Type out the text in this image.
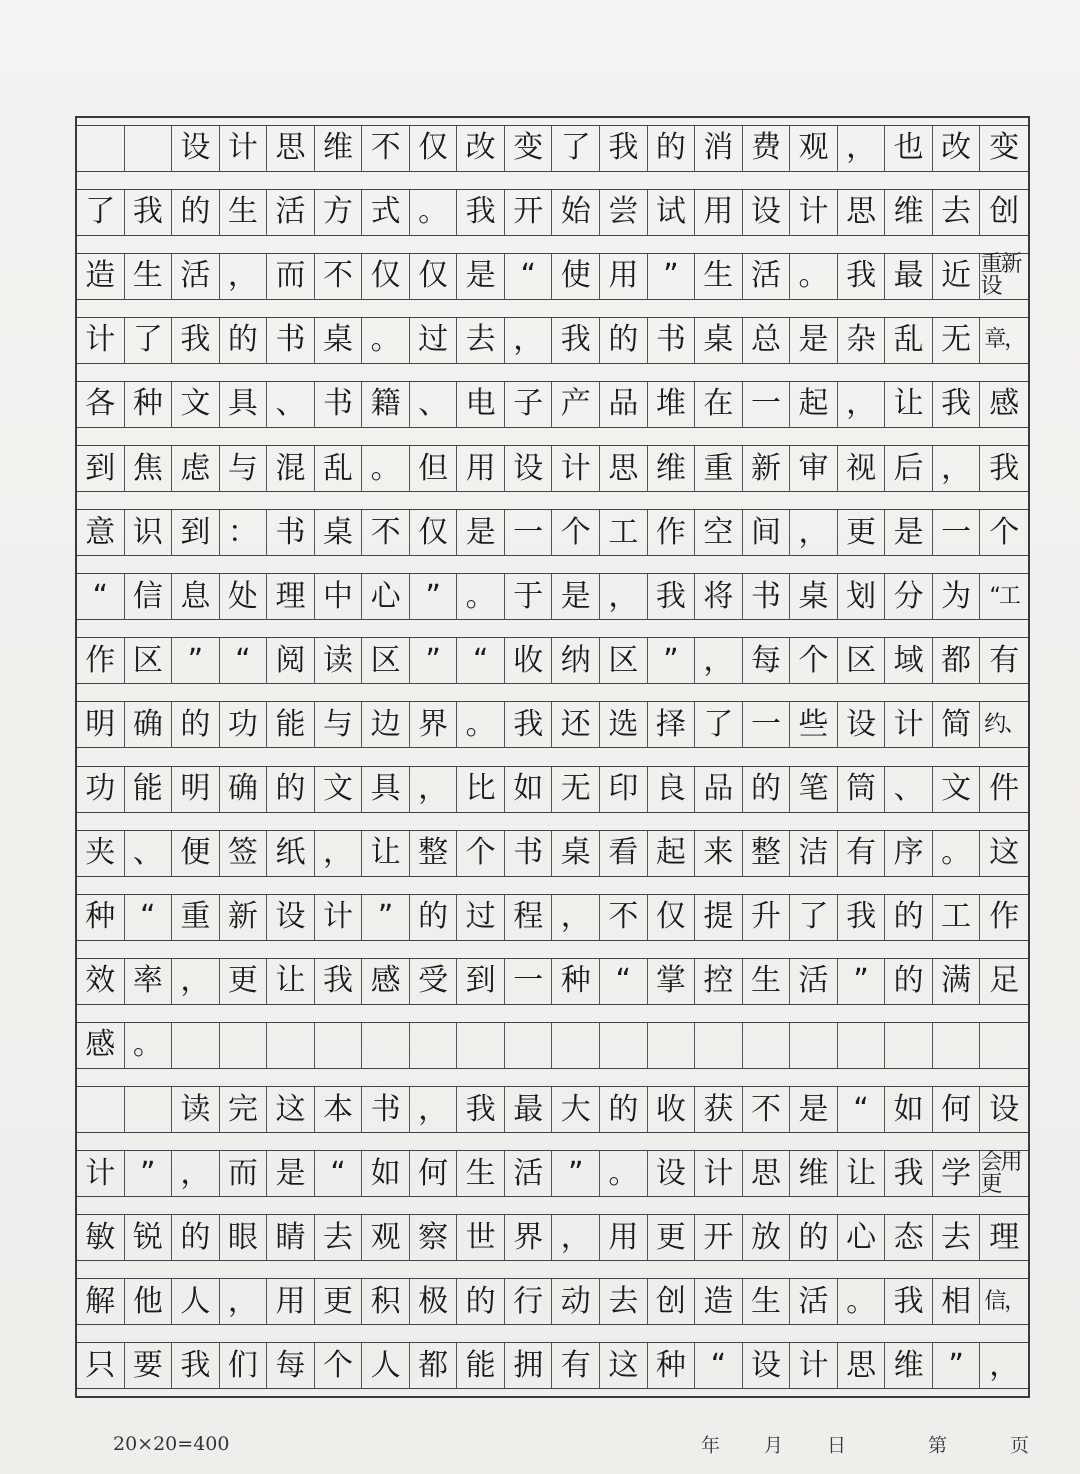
设 计 思 维 不 仅 改 变 了 我 的 消 费 观 ， 也 改 变
了 我 的 生 活 方 式 。 我 开 始 尝 试 用 设 计 思 维 去 创
造 生 活 ， 而 不 仅 仅 是 “ 使 用 ” 生 活 。 我 最 近 重新设
计 了 我 的 书 桌 。 过 去 ， 我 的 书 桌 总 是 杂 乱 无 章，
各 种 文 具 、 书 籍 、 电 子 产 品 堆 在 一 起 ， 让 我 感
到 焦 虑 与 混 乱 。 但 用 设 计 思 维 重 新 审 视 后 ， 我
意 识 到 ： 书 桌 不 仅 是 一 个 工 作 空 间 ， 更 是 一 个
“ 信 息 处 理 中 心 ” 。 于 是 ， 我 将 书 桌 划 分 为 “工
作 区 ”	“ 阅 读 区 ”	“ 收 纳 区 ” ， 每 个 区 域 都 有
明 确 的 功 能 与 边 界 。 我 还 选 择 了 一 些 设 计 简 约、
功 能 明 确 的 文 具 ， 比 如 无 印 良 品 的 笔 筒 、 文 件
夹 、 便 签 纸 ， 让 整 个 书 桌 看 起 来 整 洁 有 序 。 这
种 “ 重 新 设 计 ” 的 过 程 ， 不 仅 提 升 了 我 的 工 作
效 率 ， 更 让 我 感 受 到 一 种 “ 掌 控 生 活 ” 的 满 足
感 。
读 完 这 本 书 ， 我 最 大 的 收 获 不 是 “ 如 何 设
计 ” ， 而 是 “ 如 何 生 活 ” 。 设 计 思 维 让 我 学 会用更
敏 锐 的 眼 睛 去 观 察 世 界 ， 用 更 开 放 的 心 态 去 理
解 他 人 ， 用 更 积 极 的 行 动 去 创 造 生 活 。 我 相 信，
只 要 我 们 每 个 人 都 能 拥 有 这 种 “ 设 计 思 维 ” ，
20×20=400	年 月 日	第	页
